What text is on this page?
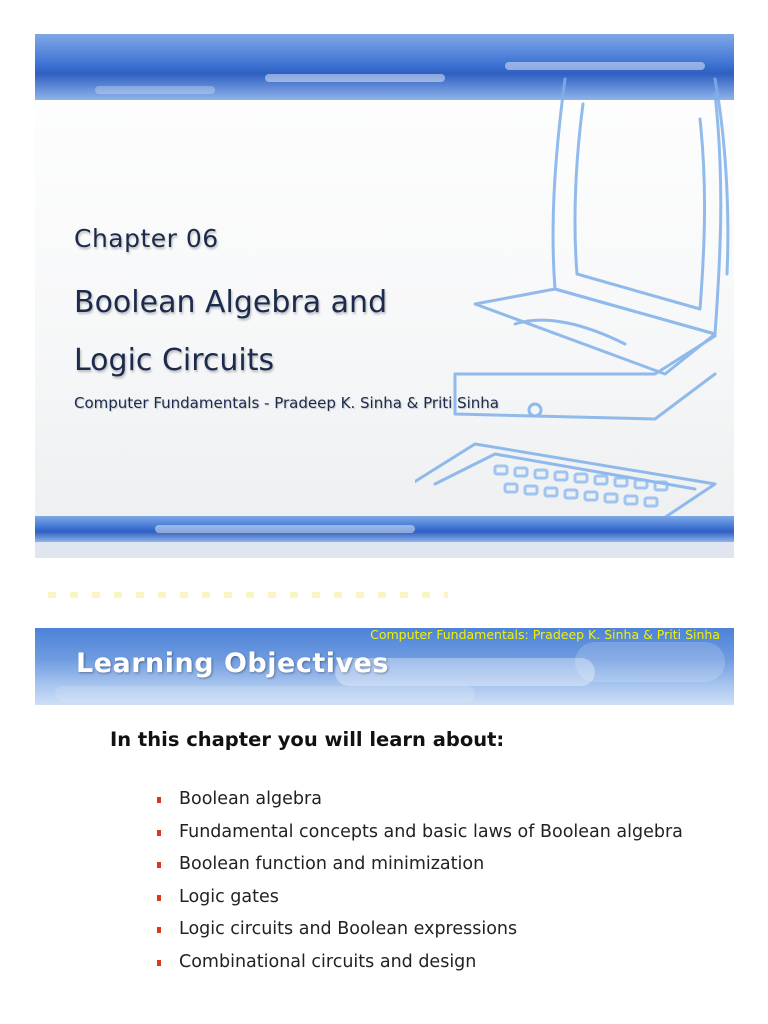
Chapter 06
Boolean Algebra and
Logic Circuits
Computer Fundamentals - Pradeep K. Sinha & Priti Sinha
Learning Objectives
Computer Fundamentals: Pradeep K. Sinha & Priti Sinha
In this chapter you will learn about:
Boolean algebra
Fundamental concepts and basic laws of Boolean algebra
Boolean function and minimization
Logic gates
Logic circuits and Boolean expressions
Combinational circuits and design
